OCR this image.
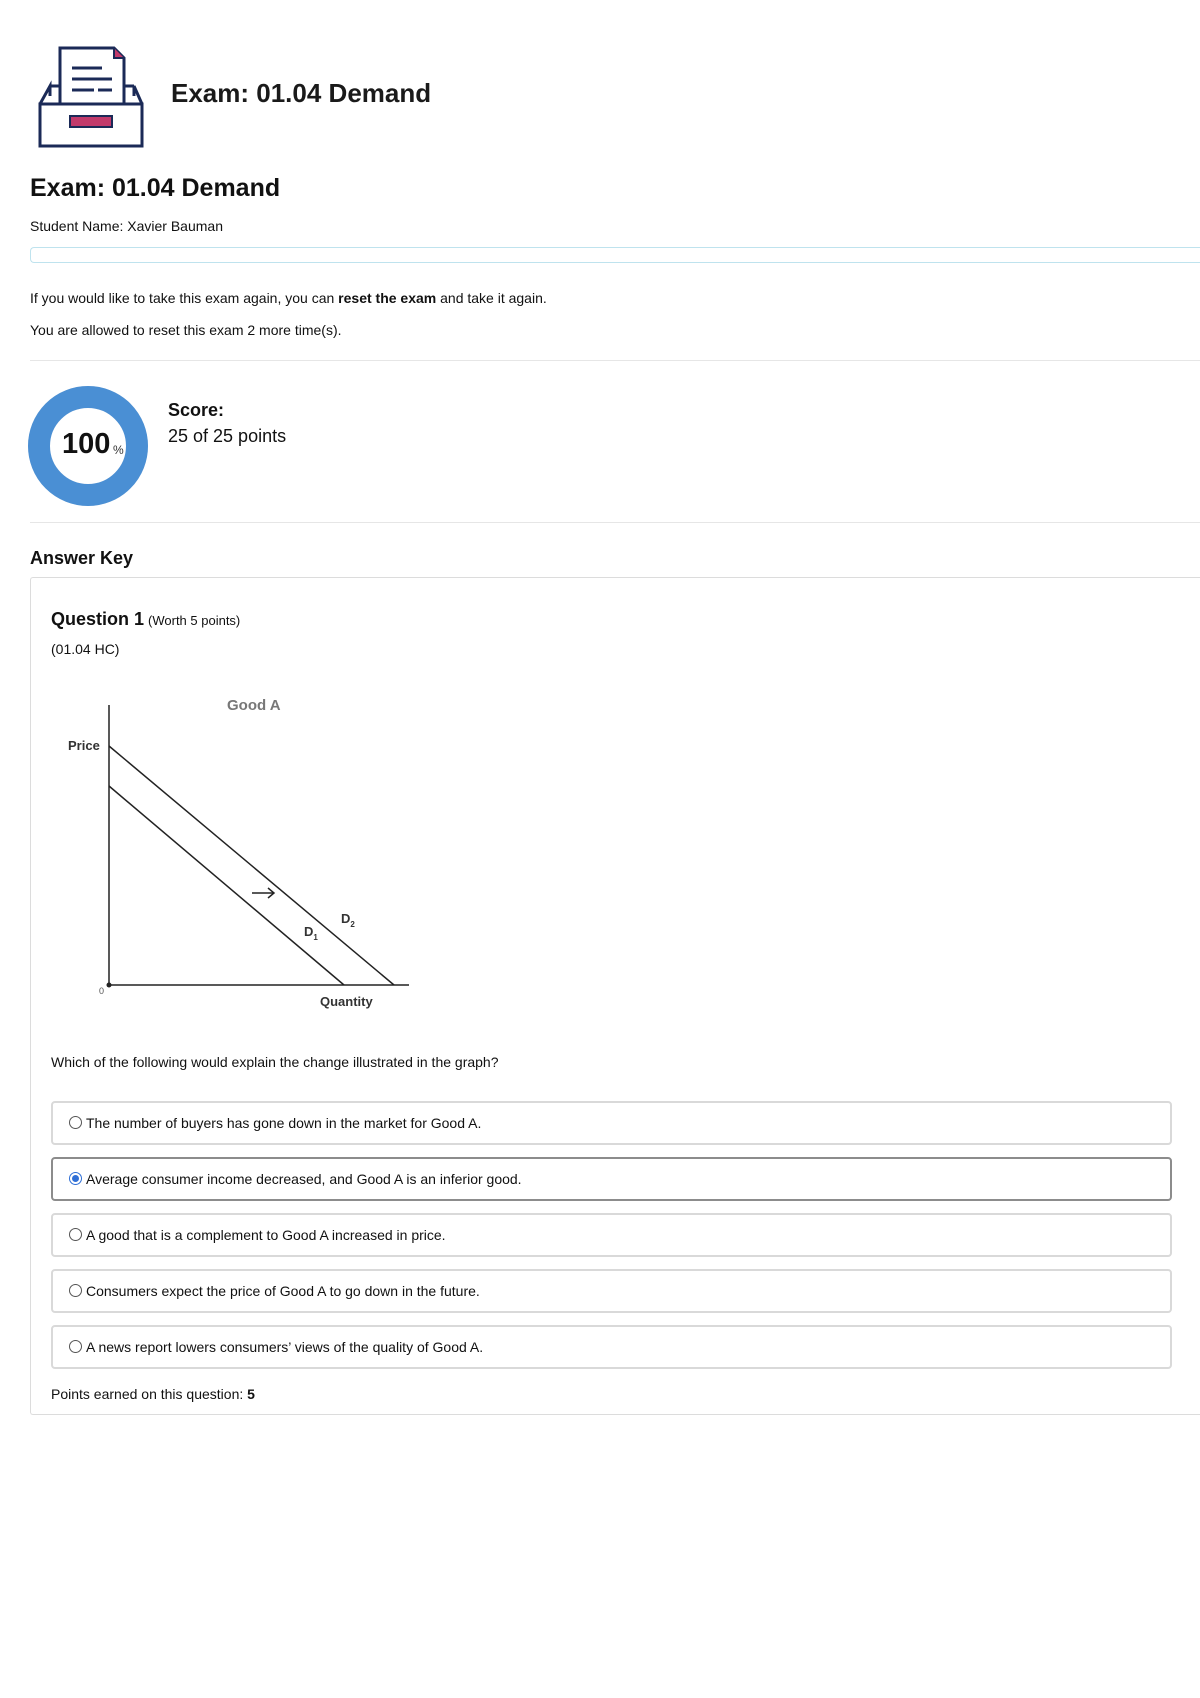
Exam: 01.04 Demand
Exam: 01.04 Demand
Student Name: Xavier Bauman
If you would like to take this exam again, you can reset the exam and take it again.
You are allowed to reset this exam 2 more time(s).
100 %
Score:
25 of 25 points
Answer Key
Question 1 (Worth 5 points)
(01.04 HC)
Good A
Price
0
Quantity
$D_1$
$D_2$
Which of the following would explain the change illustrated in the graph?
The number of buyers has gone down in the market for Good A.
Average consumer income decreased, and Good A is an inferior good.
A good that is a complement to Good A increased in price.
Consumers expect the price of Good A to go down in the future.
A news report lowers consumers’ views of the quality of Good A.
Points earned on this question: 5
